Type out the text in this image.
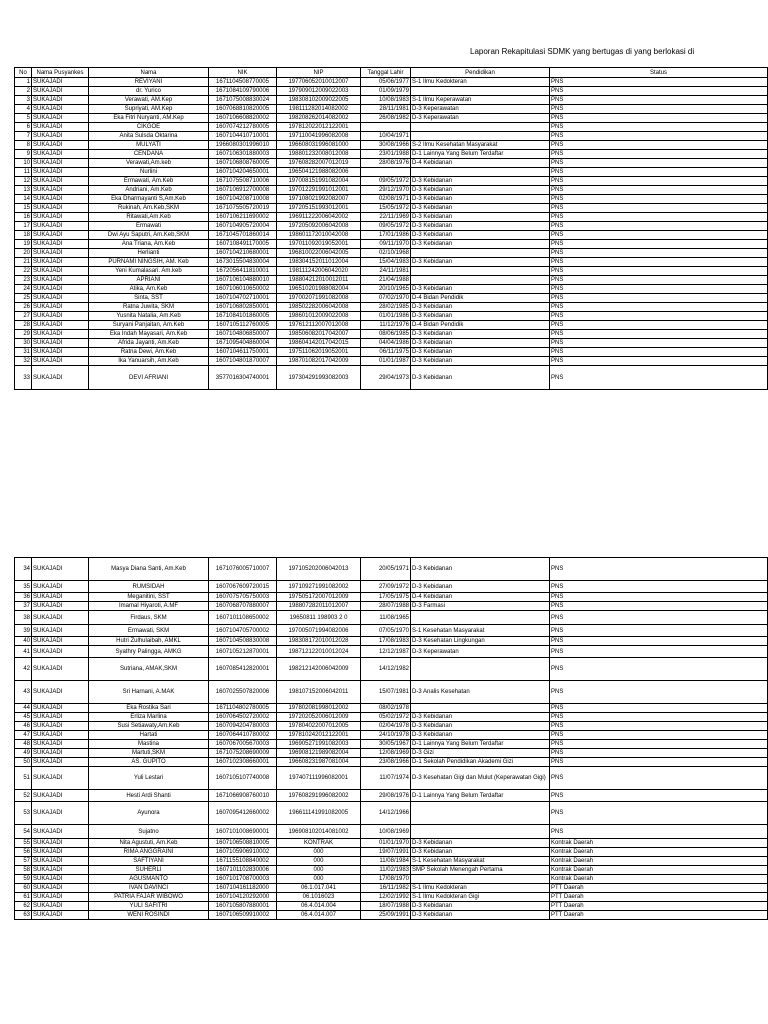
Laporan Rekapitulasi SDMK yang bertugas di yang berlokasi di
No	Nama Pusyankes	Nama	NIK	NIP	Tanggal Lahir	Pendidikan	Status
1	SUKAJADI	REVIYANI	1671104508770005	197706052010012007	05/06/1977	S-1 Ilmu Kedokteran	PNS
2	SUKAJADI	dr. Yurico	1671084109790006	197909012009022003	01/09/1979		PNS
3	SUKAJADI	Verawati, AM.Kep	1671075008830024	198308102009022005	10/08/1983	S-1 Ilmu Keperawatan	PNS
4	SUKAJADI	Supriyati, AM.Kep	1607068810820005	198111282014082002	28/11/1981	D-3 Keperawatan	PNS
5	SUKAJADI	Eka Fitri Nuryanti, AM.Kep	1607106608820002	198208262014082002	26/08/1982	D-3 Keperawatan	PNS
6	SUKAJADI	CIKGOE	1607074212780005	197812022012122001			PNS
7	SUKAJADI	Anita Sulsda Oktarina	1607104410710001	197110041996082008	10/04/1971		PNS
8	SUKAJADI	MULYATI	1966080301996010	196608031996081000	30/08/1966	S-2 Ilmu Kesehatan Masyarakat	PNS
9	SUKAJADI	CENDANA	1607106301880003	198801232008012008	23/01/1988	D-1 Lainnya Yang Belum Terdaftar	PNS
10	SUKAJADI	Verawati,Am.keb	1607106808760005	197608282007012019	28/08/1976	D-4 Kebidanan	PNS
11	SUKAJADI	Nurlini	1607104204650001	196504121988082006			PNS
12	SUKAJADI	Ermawati, Am.Keb	1671075508710006	197008151991082004	09/05/1972	D-3 Kebidanan	PNS
13	SUKAJADI	Andriani, Am.Keb	1607106912700008	197012291991012001	29/12/1970	D-3 Kebidanan	PNS
14	SUKAJADI	Eka Dharmayanti S,Am.Keb	1607104208710008	197108021992082007	02/08/1971	D-3 Kebidanan	PNS
15	SUKAJADI	Rukinah, Am.Keb,SKM	1671075505720019	197205151993012001	15/05/1972	D-3 Kebidanan	PNS
16	SUKAJADI	Ritawati,Am.Keb	1607106211690002	196911222006042002	22/11/1969	D-3 Kebidanan	PNS
17	SUKAJADI	Ermawati	1607104905720004	197205092006042008	09/05/1972	D-3 Kebidanan	PNS
18	SUKAJADI	Dwi Ayu Saputri, Am.Keb,SKM	1671045701860014	198601172010042008	17/01/1986	D-3 Kebidanan	PNS
19	SUKAJADI	Ana Triana, Am.Keb	1607108491170005	197011092019052001	09/11/1970	D-3 Kebidanan	PNS
20	SUKAJADI	Herlianti	1607104210680001	196810022006042005	02/10/1968		PNS
21	SUKAJADI	PURNAMI NINGSIH, AM. Keb	1673015504830004	198304152011012004	15/04/1983	D-3 Kebidanan	PNS
22	SUKAJADI	Yeni Kumalasari. Am.keb	1672056411810001	198111242006042020	24/11/1981		PNS
23	SUKAJADI	APRIANI	1607106104880010	198804212010012011	21/04/1988		PNS
24	SUKAJADI	Atika, Am.Keb	1607106010650002	196510201988082004	20/10/1965	D-3 Kebidanan	PNS
25	SUKAJADI	Sinta, SST	1607104702710001	197002071991082008	07/02/1970	D-4 Bidan Pendidik	PNS
26	SUKAJADI	Ratna Juwita, SKM	1607106802850001	198502282006042008	28/02/1985	D-3 Kebidanan	PNS
27	SUKAJADI	Yusnita Natalia, Am.Keb	1671084101860005	198601012009022008	01/01/1986	D-3 Kebidanan	PNS
28	SUKAJADI	Suryani Panjaitan, Am.Keb	1607105112760005	197612112007012008	11/12/1976	D-4 Bidan Pendidik	PNS
29	SUKAJADI	Eka Indah Mayasari, Am.Keb	1607104806850007	198506082017042007	08/06/1985	D-3 Kebidanan	PNS
30	SUKAJADI	Afrida Jayanti, Am.Keb	1671095404860004	198604142017042015	04/04/1986	D-3 Kebidanan	PNS
31	SUKAJADI	Ratna Dewi, Am.Keb	1607104611750001	197511062019052001	06/11/1975	D-3 Kebidanan	PNS
32	SUKAJADI	Ika Yanuarsih, Am.Keb	1607104801870007	198701082017042009	01/01/1987	D-3 Kebidanan	PNS
33	SUKAJADI	DEVI AFRIANI	3577016304740001	197304291993082003	29/04/1973	D-3 Kebidanan	PNS
34	SUKAJADI	Masya Diana Santi, Am.Keb	1671076005710007	197105202006042013	20/05/1971	D-3 Kebidanan	PNS
35	SUKAJADI	RUMSIDAH	1607067609720015	197109271991082002	27/09/1972	D-3 Kebidanan	PNS
36	SUKAJADI	Meganitini, SST	1607075705750003	197505172007012009	17/05/1975	D-4 Kebidanan	PNS
37	SUKAJADI	Imamal Hiyaroti, A.MF	1607068707880007	198807282011012007	28/07/1988	D-3 Farmasi	PNS
38	SUKAJADI	Firdaus, SKM	1607101108650002	19650811 198903 2 0	11/08/1965		PNS
39	SUKAJADI	Ermawati, SKM	1607104705700002	197005071994082006	07/05/1970	S-1 Kesehatan Masyarakat	PNS
40	SUKAJADI	Hutri Zulhulaibah, AMKL	1607104508830008	198308172010012028	17/08/1983	D-3 Kesehatan Lingkungan	PNS
41	SUKAJADI	Syathry Palingga, AMKG	1607105212870001	198712122010012024	12/12/1987	D-3 Keperawatan	PNS
42	SUKAJADI	Sutriana, AMAK,SKM	1607085412820001	198212142006042009	14/12/1982		PNS
43	SUKAJADI	Sri Harnani, A.MAK	1607025507820006	198107152006042011	15/07/1981	D-3 Analis Kesehatan	PNS
44	SUKAJADI	Eka Rostika Sari	1671104802780005	197802081998012002	08/02/1978		PNS
45	SUKAJADI	Erliza Marlina	1607064502720002	197202052006012009	05/02/1972	D-3 Kebidanan	PNS
46	SUKAJADI	Susi Setiawaty,Am.Keb	1607094204780003	197804022007012005	02/04/1978	D-3 Kebidanan	PNS
47	SUKAJADI	Hartati	1607064410780002	197810242012122001	24/10/1978	D-3 Kebidanan	PNS
48	SUKAJADI	Mastina	1607067005670003	196905271991082003	30/05/1967	D-1 Lainnya Yang Belum Terdaftar	PNS
49	SUKAJADI	Martuti,SKM	1671075208690009	196908121989082004	12/08/1969	D-3 Gizi	PNS
50	SUKAJADI	AS. GUPITO	1607102308660001	196608231987081004	23/08/1966	D-1 Sekolah Pendidikan Akademi Gizi	PNS
51	SUKAJADI	Yuli Lestari	1607105107740008	197407111996082001	11/07/1974	D-3 Kesehatan Gigi dan Mulut (Keperawatan Gigi)	PNS
52	SUKAJADI	Hesti Ardi Shanti	1671066908760010	197608291996082002	29/08/1976	D-1 Lainnya Yang Belum Terdaftar	PNS
53	SUKAJADI	Ayunora	1607095412660002	196611141991082005	14/12/1966		PNS
54	SUKAJADI	Sujatno	1607101008690001	196908102014081002	10/08/1969		PNS
55	SUKAJADI	Nita Agustuti, Am.Keb	1607106508810005	KONTRAK	01/01/1970	D-3 Kebidanan	Kontrak Daerah
56	SUKAJADI	RIMA ANGGRAINI	1607105906910002	000	19/07/1991	D-3 Kebidanan	Kontrak Daerah
57	SUKAJADI	SAFTIYANI	1671155108840002	000	11/08/1984	S-1 Kesehatan Masyarakat	Kontrak Daerah
58	SUKAJADI	SUHERLI	1607101102830006	000	11/02/1983	SMP Sekolah Menengah Pertama	Kontrak Daerah
59	SUKAJADI	AGUSMANTO	1607101708700003	000	17/08/1970		Kontrak Daerah
60	SUKAJADI	IVAN DAVINCI	1607104161182000	06.1.017.041	16/11/1982	S-1 Ilmu Kedokteran	PTT Daerah
61	SUKAJADI	PATRIA FAJAR WIBOWO	1607104120292000	06.1016023	12/02/1992	S-1 Ilmu Kedokteran Gigi	PTT Daerah
62	SUKAJADI	YULI SAFITRI	1607105807880001	06.4.014.004	18/07/1988	D-3 Kebidanan	PTT Daerah
63	SUKAJADI	WENI ROSINDI	1607106509910002	06.4.014.007	25/09/1991	D-3 Kebidanan	PTT Daerah
